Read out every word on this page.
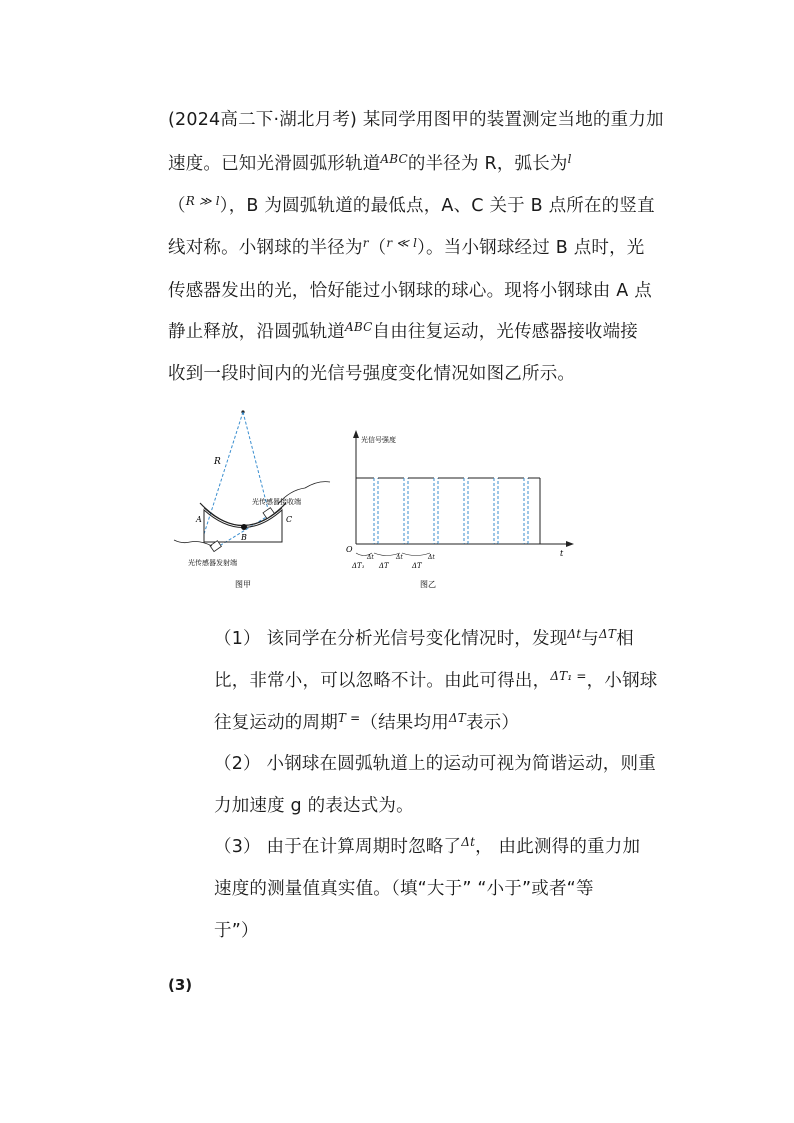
(2024高二下·湖北月考) 某同学用图甲的装置测定当地的重力加
速度。已知光滑圆弧形轨道$^{ABC}$的半径为 R，弧长为$^l$
（$^{R ≫ l}$），B 为圆弧轨道的最低点，A、C 关于 B 点所在的竖直
线对称。小钢球的半径为$^r$（$^{r ≪ l}$）。当小钢球经过 B 点时，光
传感器发出的光，恰好能过小钢球的球心。现将小钢球由 A 点
静止释放，沿圆弧轨道$^{ABC}$自由往复运动，光传感器接收端接
收到一段时间内的光信号强度变化情况如图乙所示。
R
A
B
C
光传感器接收端
光传感器发射端
图甲
光信号强度
t
O
ΔT₁
Δt
ΔT
Δt
ΔT
Δt
图乙
（1） 该同学在分析光信号变化情况时，发现$^{\Delta t}$与$^{\Delta T}$相
比，非常小，可以忽略不计。由此可得出，$^{\Delta T_1 =}$，小钢球
往复运动的周期$^{T =}$（结果均用$^{\Delta T}$表示）
（2） 小钢球在圆弧轨道上的运动可视为简谐运动，则重
力加速度 g 的表达式为。
（3） 由于在计算周期时忽略了$^{\Delta t}$， 由此测得的重力加
速度的测量值真实值。（填“大于” “小于”或者“等
于”）
(3)
